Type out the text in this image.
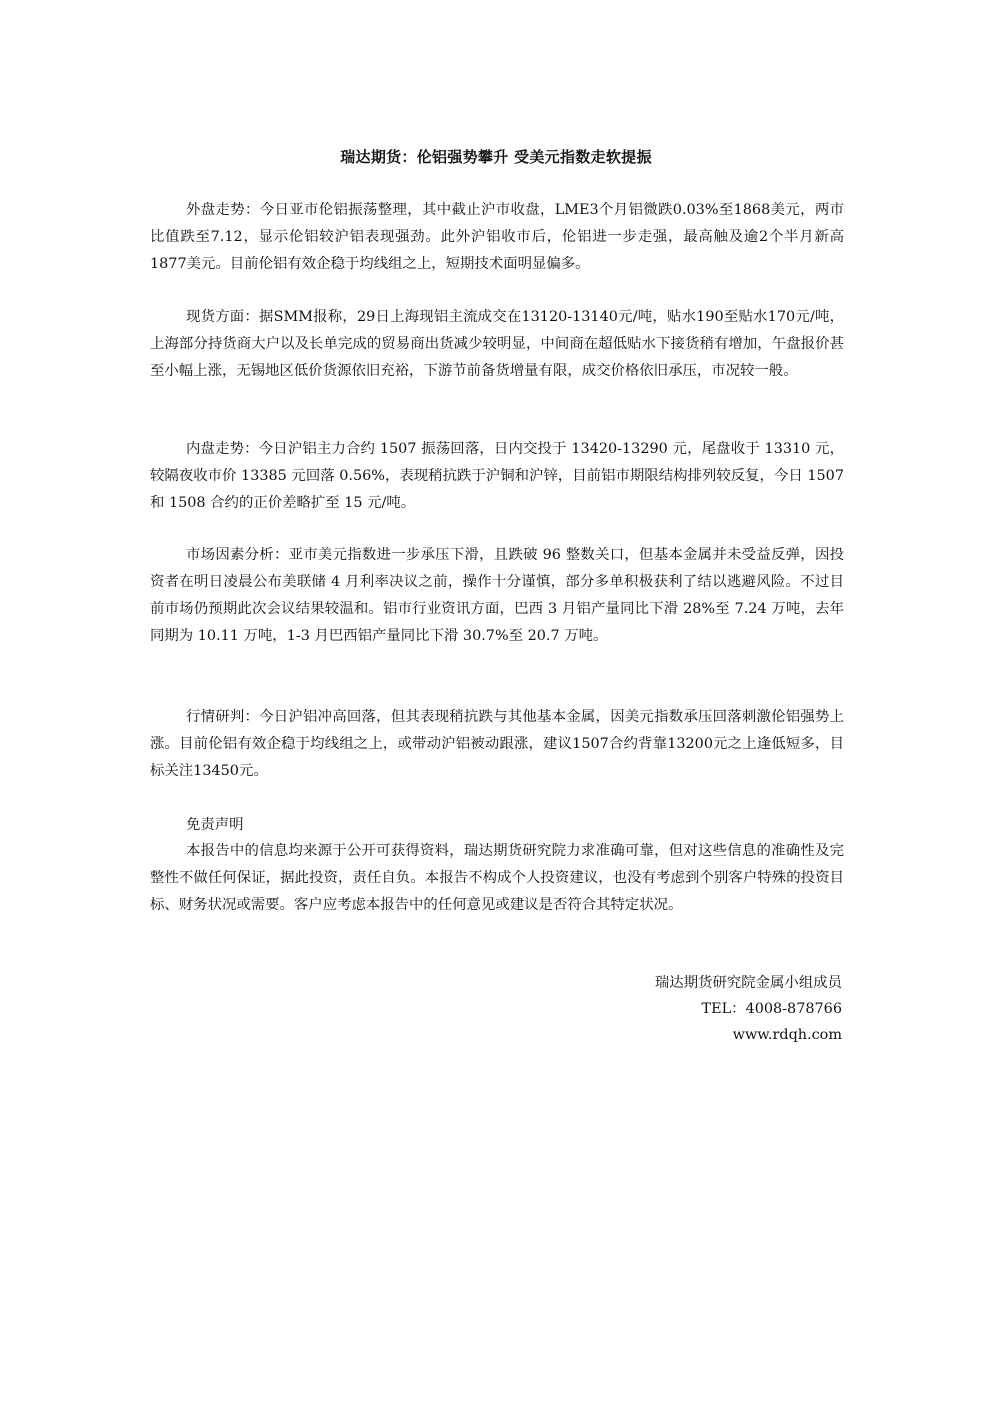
瑞达期货：伦铝强势攀升 受美元指数走软提振

外盘走势：今日亚市伦铝振荡整理，其中截止沪市收盘，LME3个月铝微跌0.03%至1868美元，两市比值跌至7.12，显示伦铝较沪铝表现强劲。此外沪铝收市后，伦铝进一步走强，最高触及逾2个半月新高1877美元。目前伦铝有效企稳于均线组之上，短期技术面明显偏多。

现货方面：据SMM报称，29日上海现铝主流成交在13120-13140元/吨，贴水190至贴水170元/吨，上海部分持货商大户以及长单完成的贸易商出货减少较明显，中间商在超低贴水下接货稍有增加，午盘报价甚至小幅上涨，无锡地区低价货源依旧充裕，下游节前备货增量有限，成交价格依旧承压，市况较一般。

内盘走势：今日沪铝主力合约 1507 振荡回落，日内交投于 13420-13290 元，尾盘收于 13310 元，较隔夜收市价 13385 元回落 0.56%，表现稍抗跌于沪铜和沪锌，目前铝市期限结构排列较反复，今日 1507 和 1508 合约的正价差略扩至 15 元/吨。

市场因素分析：亚市美元指数进一步承压下滑，且跌破 96 整数关口，但基本金属并未受益反弹，因投资者在明日凌晨公布美联储 4 月利率决议之前，操作十分谨慎，部分多单积极获利了结以逃避风险。不过目前市场仍预期此次会议结果较温和。铝市行业资讯方面，巴西 3 月铝产量同比下滑 28%至 7.24 万吨，去年同期为 10.11 万吨，1-3 月巴西铝产量同比下滑 30.7%至 20.7 万吨。

行情研判：今日沪铝冲高回落，但其表现稍抗跌与其他基本金属，因美元指数承压回落刺激伦铝强势上涨。目前伦铝有效企稳于均线组之上，或带动沪铝被动跟涨，建议1507合约背靠13200元之上逢低短多，目标关注13450元。

免责声明

本报告中的信息均来源于公开可获得资料，瑞达期货研究院力求准确可靠，但对这些信息的准确性及完整性不做任何保证，据此投资，责任自负。本报告不构成个人投资建议，也没有考虑到个别客户特殊的投资目标、财务状况或需要。客户应考虑本报告中的任何意见或建议是否符合其特定状况。

瑞达期货研究院金属小组成员
TEL：4008-878766
www.rdqh.com
